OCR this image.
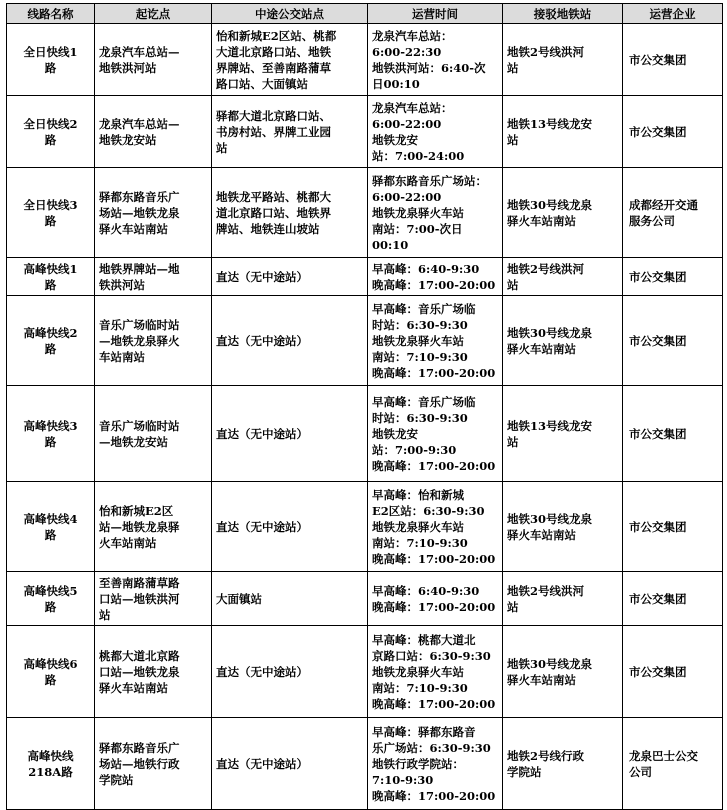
线路名称	起讫点	中途公交站点	运营时间	接驳地铁站	运营企业

全日快线1
路	龙泉汽车总站—
地铁洪河站	怡和新城E2区站、桃都
大道北京路口站、地铁
界牌站、至善南路蒲草
路口站、大面镇站	龙泉汽车总站：
6:00-22:30
地铁洪河站：6:40-次
日00:10	地铁2号线洪河
站	市公交集团

全日快线2
路	龙泉汽车总站—
地铁龙安站	驿都大道北京路口站、
书房村站、界牌工业园
站	龙泉汽车总站：
6:00-22:00
地铁龙安
站：7:00-24:00	地铁13号线龙安
站	市公交集团

全日快线3
路	驿都东路音乐广
场站—地铁龙泉
驿火车站南站	地铁龙平路站、桃都大
道北京路口站、地铁界
牌站、地铁连山坡站	驿都东路音乐广场站：
6:00-22:00
地铁龙泉驿火车站
南站：7:00-次日
00:10	地铁30号线龙泉
驿火车站南站	成都经开交通
服务公司

高峰快线1
路	地铁界牌站—地
铁洪河站	直达（无中途站）	早高峰：6:40-9:30
晚高峰：17:00-20:00	地铁2号线洪河
站	市公交集团

高峰快线2
路	音乐广场临时站
—地铁龙泉驿火
车站南站	直达（无中途站）	早高峰：音乐广场临
时站：6:30-9:30
地铁龙泉驿火车站
南站：7:10-9:30
晚高峰：17:00-20:00	地铁30号线龙泉
驿火车站南站	市公交集团

高峰快线3
路	音乐广场临时站
—地铁龙安站	直达（无中途站）	早高峰：音乐广场临
时站：6:30-9:30
地铁龙安
站：7:00-9:30
晚高峰：17:00-20:00	地铁13号线龙安
站	市公交集团

高峰快线4
路	怡和新城E2区
站—地铁龙泉驿
火车站南站	直达（无中途站）	早高峰：怡和新城
E2区站：6:30-9:30
地铁龙泉驿火车站
南站：7:10-9:30
晚高峰：17:00-20:00	地铁30号线龙泉
驿火车站南站	市公交集团

高峰快线5
路	至善南路蒲草路
口站—地铁洪河
站	大面镇站	早高峰：6:40-9:30
晚高峰：17:00-20:00	地铁2号线洪河
站	市公交集团

高峰快线6
路	桃都大道北京路
口站—地铁龙泉
驿火车站南站	直达（无中途站）	早高峰：桃都大道北
京路口站：6:30-9:30
地铁龙泉驿火车站
南站：7:10-9:30
晚高峰：17:00-20:00	地铁30号线龙泉
驿火车站南站	市公交集团

高峰快线
218A路	驿都东路音乐广
场站—地铁行政
学院站	直达（无中途站）	早高峰：驿都东路音
乐广场站：6:30-9:30
地铁行政学院站：
7:10-9:30
晚高峰：17:00-20:00	地铁2号线行政
学院站	龙泉巴士公交
公司
